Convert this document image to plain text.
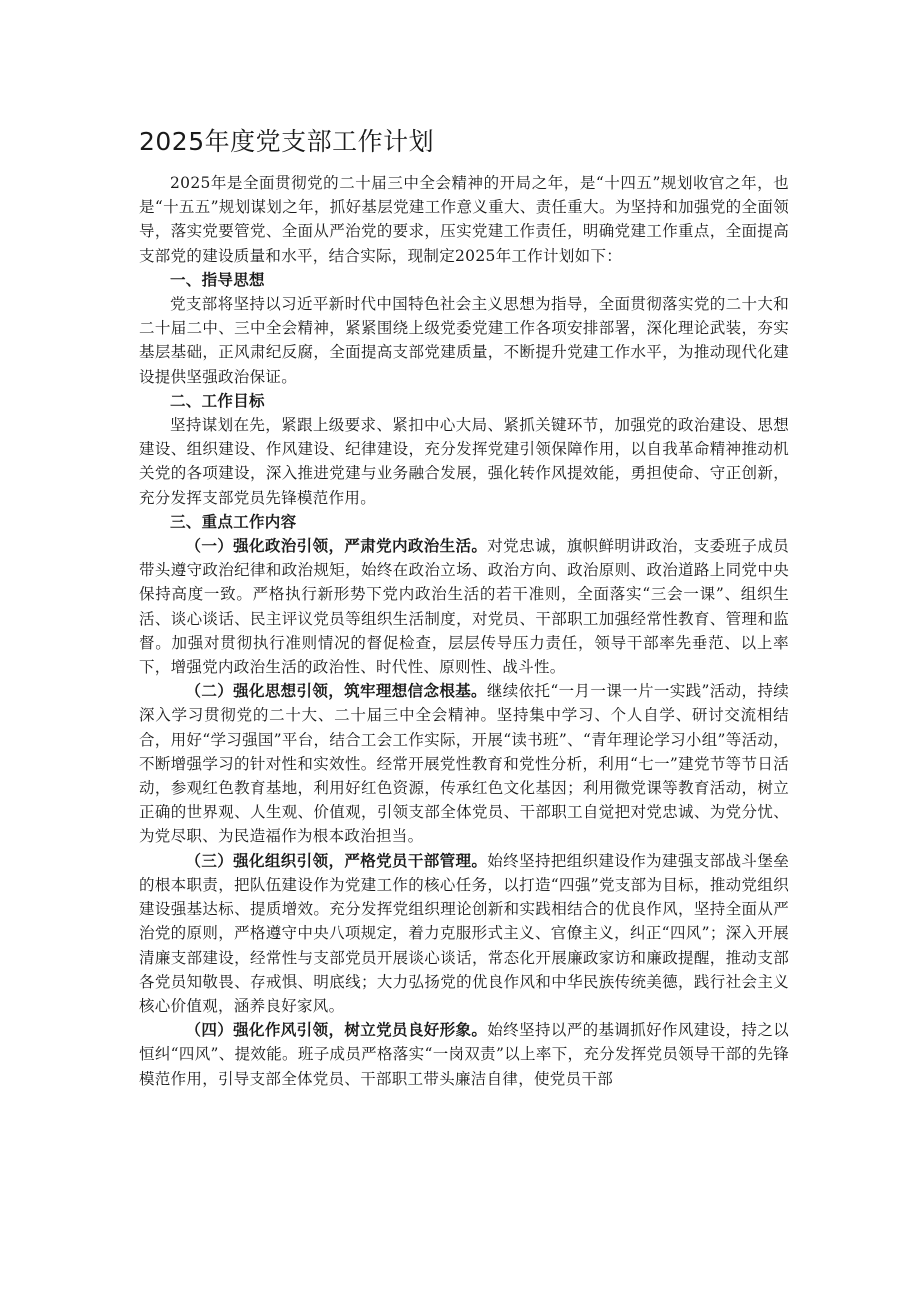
2025年度党支部工作计划

2025年是全面贯彻党的二十届三中全会精神的开局之年，是“十四五”规划收官之年，也是“十五五”规划谋划之年，抓好基层党建工作意义重大、责任重大。为坚持和加强党的全面领导，落实党要管党、全面从严治党的要求，压实党建工作责任，明确党建工作重点，全面提高支部党的建设质量和水平，结合实际，现制定2025年工作计划如下：

一、指导思想

党支部将坚持以习近平新时代中国特色社会主义思想为指导，全面贯彻落实党的二十大和二十届二中、三中全会精神，紧紧围绕上级党委党建工作各项安排部署，深化理论武装，夯实基层基础，正风肃纪反腐，全面提高支部党建质量，不断提升党建工作水平，为推动现代化建设提供坚强政治保证。

二、工作目标

坚持谋划在先，紧跟上级要求、紧扣中心大局、紧抓关键环节，加强党的政治建设、思想建设、组织建设、作风建设、纪律建设，充分发挥党建引领保障作用，以自我革命精神推动机关党的各项建设，深入推进党建与业务融合发展，强化转作风提效能，勇担使命、守正创新，充分发挥支部党员先锋模范作用。

三、重点工作内容

（一）强化政治引领，严肃党内政治生活。对党忠诚，旗帜鲜明讲政治，支委班子成员带头遵守政治纪律和政治规矩，始终在政治立场、政治方向、政治原则、政治道路上同党中央保持高度一致。严格执行新形势下党内政治生活的若干准则，全面落实“三会一课”、组织生活、谈心谈话、民主评议党员等组织生活制度，对党员、干部职工加强经常性教育、管理和监督。加强对贯彻执行准则情况的督促检查，层层传导压力责任，领导干部率先垂范、以上率下，增强党内政治生活的政治性、时代性、原则性、战斗性。

（二）强化思想引领，筑牢理想信念根基。继续依托“一月一课一片一实践”活动，持续深入学习贯彻党的二十大、二十届三中全会精神。坚持集中学习、个人自学、研讨交流相结合，用好“学习强国”平台，结合工会工作实际，开展“读书班”、“青年理论学习小组”等活动，不断增强学习的针对性和实效性。经常开展党性教育和党性分析，利用“七一”建党节等节日活动，参观红色教育基地，利用好红色资源，传承红色文化基因；利用微党课等教育活动，树立正确的世界观、人生观、价值观，引领支部全体党员、干部职工自觉把对党忠诚、为党分忧、为党尽职、为民造福作为根本政治担当。

（三）强化组织引领，严格党员干部管理。始终坚持把组织建设作为建强支部战斗堡垒的根本职责，把队伍建设作为党建工作的核心任务，以打造“四强”党支部为目标，推动党组织建设强基达标、提质增效。充分发挥党组织理论创新和实践相结合的优良作风，坚持全面从严治党的原则，严格遵守中央八项规定，着力克服形式主义、官僚主义，纠正“四风”；深入开展清廉支部建设，经常性与支部党员开展谈心谈话，常态化开展廉政家访和廉政提醒，推动支部各党员知敬畏、存戒惧、明底线；大力弘扬党的优良作风和中华民族传统美德，践行社会主义核心价值观，涵养良好家风。

（四）强化作风引领，树立党员良好形象。始终坚持以严的基调抓好作风建设，持之以恒纠“四风”、提效能。班子成员严格落实“一岗双责”以上率下，充分发挥党员领导干部的先锋模范作用，引导支部全体党员、干部职工带头廉洁自律，使党员干部
